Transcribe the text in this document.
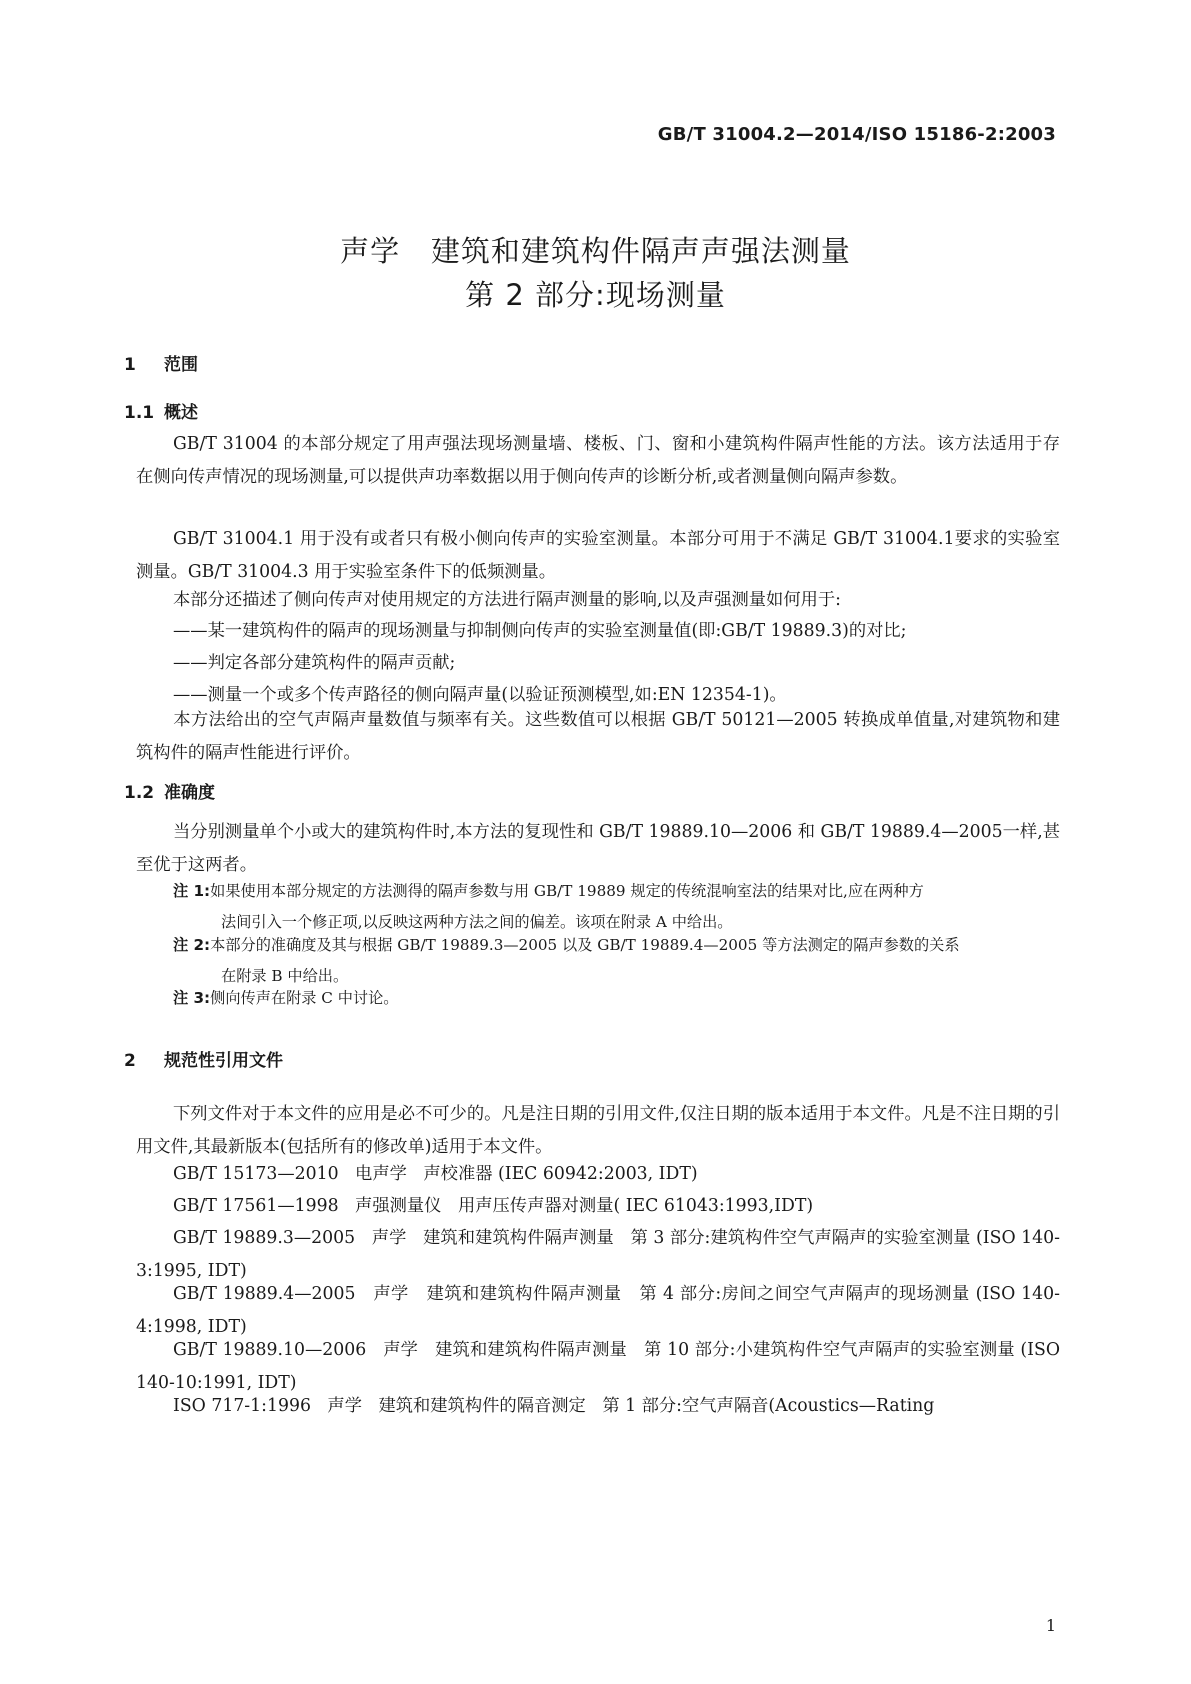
GB/T 31004.2—2014/ISO 15186-2:2003
声学   建筑和建筑构件隔声声强法测量
第 2 部分:现场测量
1 范围
1.1 概述

GB/T 31004 的本部分规定了用声强法现场测量墙、楼板、门、窗和小建筑构件隔声性能的方法。该方法适用于存在侧向传声情况的现场测量,可以提供声功率数据以用于侧向传声的诊断分析,或者测量侧向隔声参数。

GB/T 31004.1 用于没有或者只有极小侧向传声的实验室测量。本部分可用于不满足 GB/T 31004.1要求的实验室测量。GB/T 31004.3 用于实验室条件下的低频测量。

本部分还描述了侧向传声对使用规定的方法进行隔声测量的影响,以及声强测量如何用于:

——某一建筑构件的隔声的现场测量与抑制侧向传声的实验室测量值(即:GB/T 19889.3)的对比;
——判定各部分建筑构件的隔声贡献;
——测量一个或多个传声路径的侧向隔声量(以验证预测模型,如:EN 12354-1)。

本方法给出的空气声隔声量数值与频率有关。这些数值可以根据 GB/T 50121—2005 转换成单值量,对建筑物和建筑构件的隔声性能进行评价。

1.2 准确度

当分别测量单个小或大的建筑构件时,本方法的复现性和 GB/T 19889.10—2006 和 GB/T 19889.4—2005一样,甚至优于这两者。

注 1:如果使用本部分规定的方法测得的隔声参数与用 GB/T 19889 规定的传统混响室法的结果对比,应在两种方
法间引入一个修正项,以反映这两种方法之间的偏差。该项在附录 A 中给出。
注 2:本部分的准确度及其与根据 GB/T 19889.3—2005 以及 GB/T 19889.4—2005 等方法测定的隔声参数的关系
在附录 B 中给出。
注 3:侧向传声在附录 C 中讨论。
2 规范性引用文件

下列文件对于本文件的应用是必不可少的。凡是注日期的引用文件,仅注日期的版本适用于本文件。凡是不注日期的引用文件,其最新版本(包括所有的修改单)适用于本文件。

GB/T 15173—2010   电声学   声校准器 (IEC 60942:2003, IDT)

GB/T 17561—1998   声强测量仪   用声压传声器对测量( IEC 61043:1993,IDT)

GB/T 19889.3—2005   声学   建筑和建筑构件隔声测量   第 3 部分:建筑构件空气声隔声的实验室测量 (ISO 140-3:1995, IDT)

GB/T 19889.4—2005   声学   建筑和建筑构件隔声测量   第 4 部分:房间之间空气声隔声的现场测量 (ISO 140-4:1998, IDT)

GB/T 19889.10—2006   声学   建筑和建筑构件隔声测量   第 10 部分:小建筑构件空气声隔声的实验室测量 (ISO 140-10:1991, IDT)

ISO 717-1:1996   声学   建筑和建筑构件的隔音测定   第 1 部分:空气声隔音(Acoustics—Rating

1
